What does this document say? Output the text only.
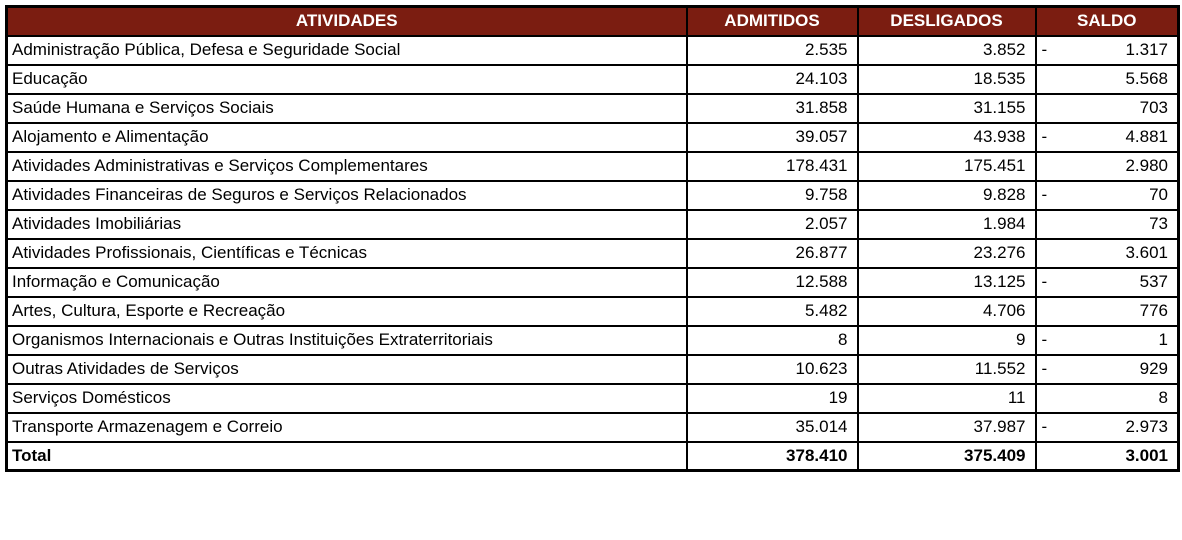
ATIVIDADES	ADMITIDOS	DESLIGADOS	SALDO
Administração Pública, Defesa e Seguridade Social	2.535	3.852	- 1.317

Educação	24.103	18.535	5.568
Saúde Humana e Serviços Sociais	31.858	31.155	703
Alojamento e Alimentação	39.057	43.938	- 4.881

Atividades Administrativas e Serviços Complementares	178.431	175.451	2.980
Atividades Financeiras de Seguros e Serviços Relacionados	9.758	9.828	- 70

Atividades Imobiliárias	2.057	1.984	73
Atividades Profissionais, Científicas e Técnicas	26.877	23.276	3.601
Informação e Comunicação	12.588	13.125	- 537

Artes, Cultura, Esporte e Recreação	5.482	4.706	776
Organismos Internacionais e Outras Instituições Extraterritoriais	8	9	- 1

Outras Atividades de Serviços	10.623	11.552	- 929

Serviços Domésticos	19	11	8
Transporte Armazenagem e Correio	35.014	37.987	- 2.973

Total	378.410	375.409	3.001
